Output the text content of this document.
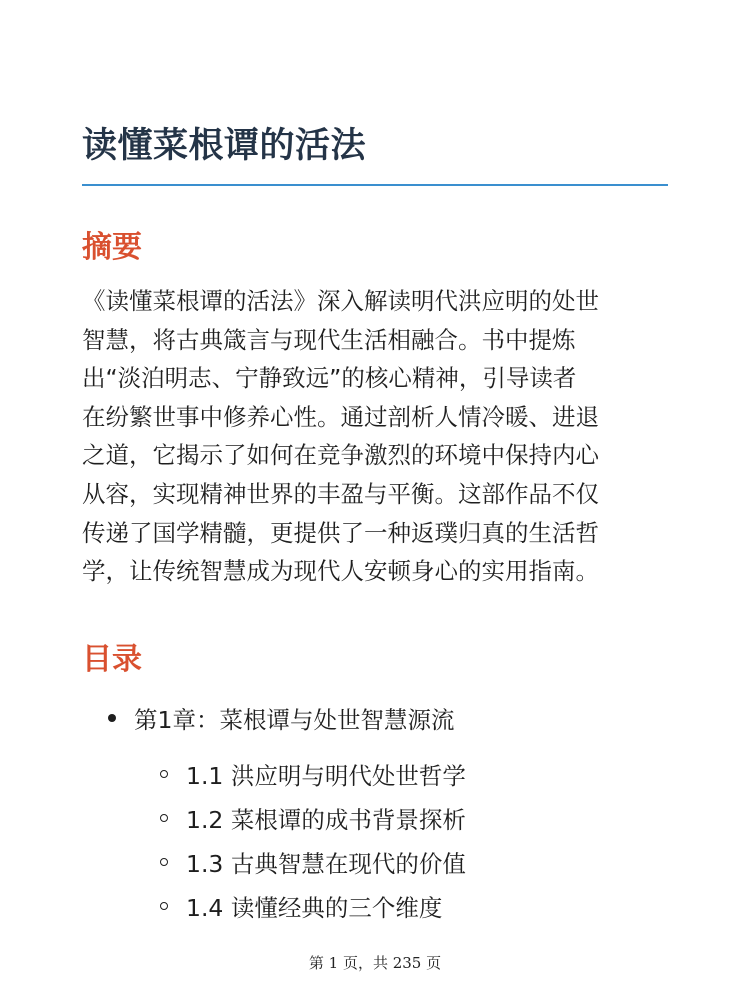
读懂菜根谭的活法
摘要

《读懂菜根谭的活法》深入解读明代洪应明的处世
智慧，将古典箴言与现代生活相融合。书中提炼
出“淡泊明志、宁静致远”的核心精神，引导读者
在纷繁世事中修养心性。通过剖析人情冷暖、进退
之道，它揭示了如何在竞争激烈的环境中保持内心
从容，实现精神世界的丰盈与平衡。这部作品不仅
传递了国学精髓，更提供了一种返璞归真的生活哲
学，让传统智慧成为现代人安顿身心的实用指南。

目录
第1章：菜根谭与处世智慧源流
1.1 洪应明与明代处世哲学
1.2 菜根谭的成书背景探析
1.3 古典智慧在现代的价值
1.4 读懂经典的三个维度
第 1 页，共 235 页
